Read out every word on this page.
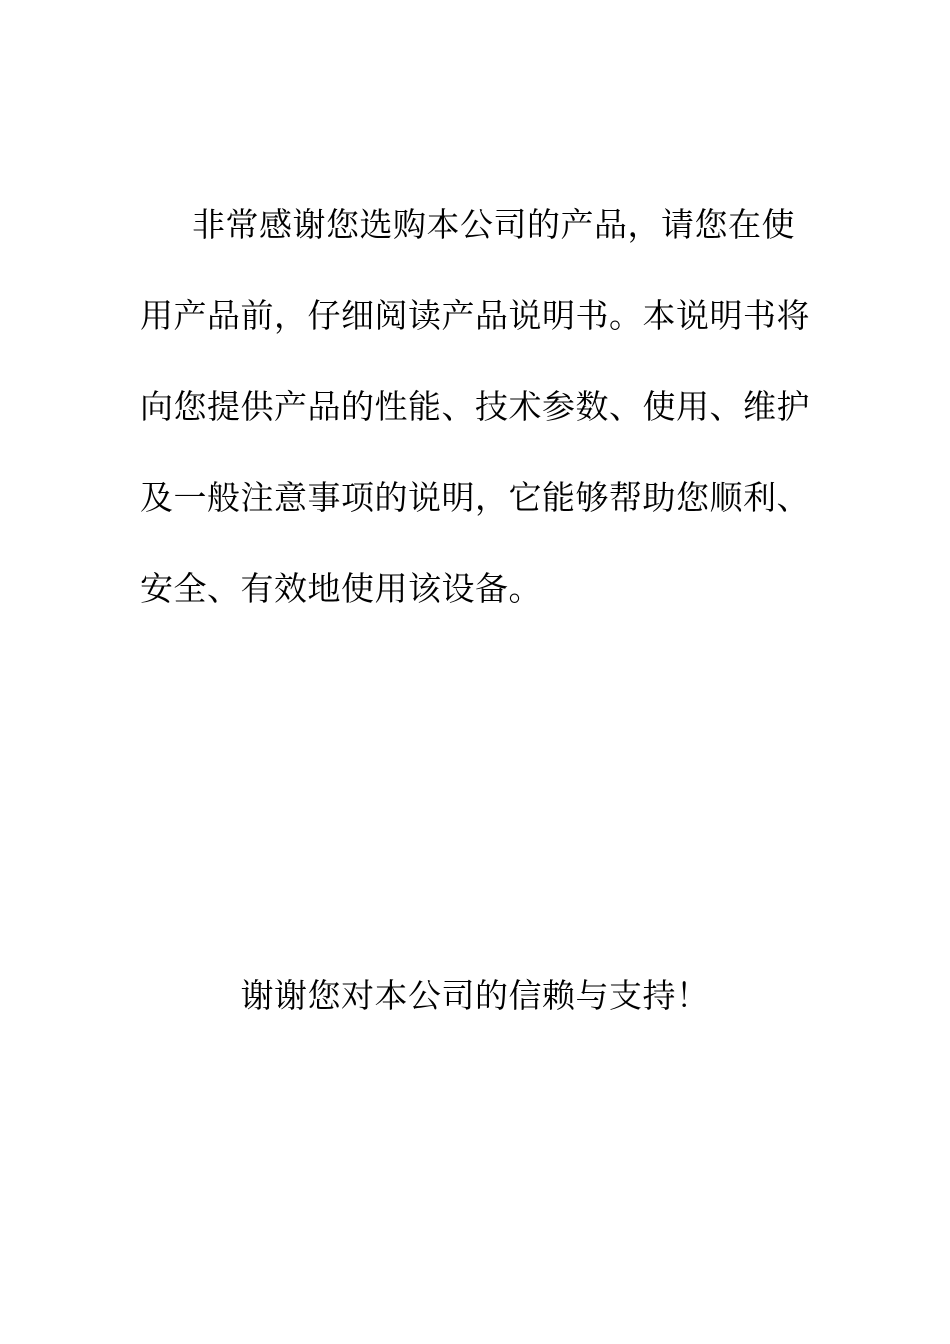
非常感谢您选购本公司的产品，请您在使
用产品前，仔细阅读产品说明书。本说明书将
向您提供产品的性能、技术参数、使用、维护
及一般注意事项的说明，它能够帮助您顺利、
安全、有效地使用该设备。
谢谢您对本公司的信赖与支持！
